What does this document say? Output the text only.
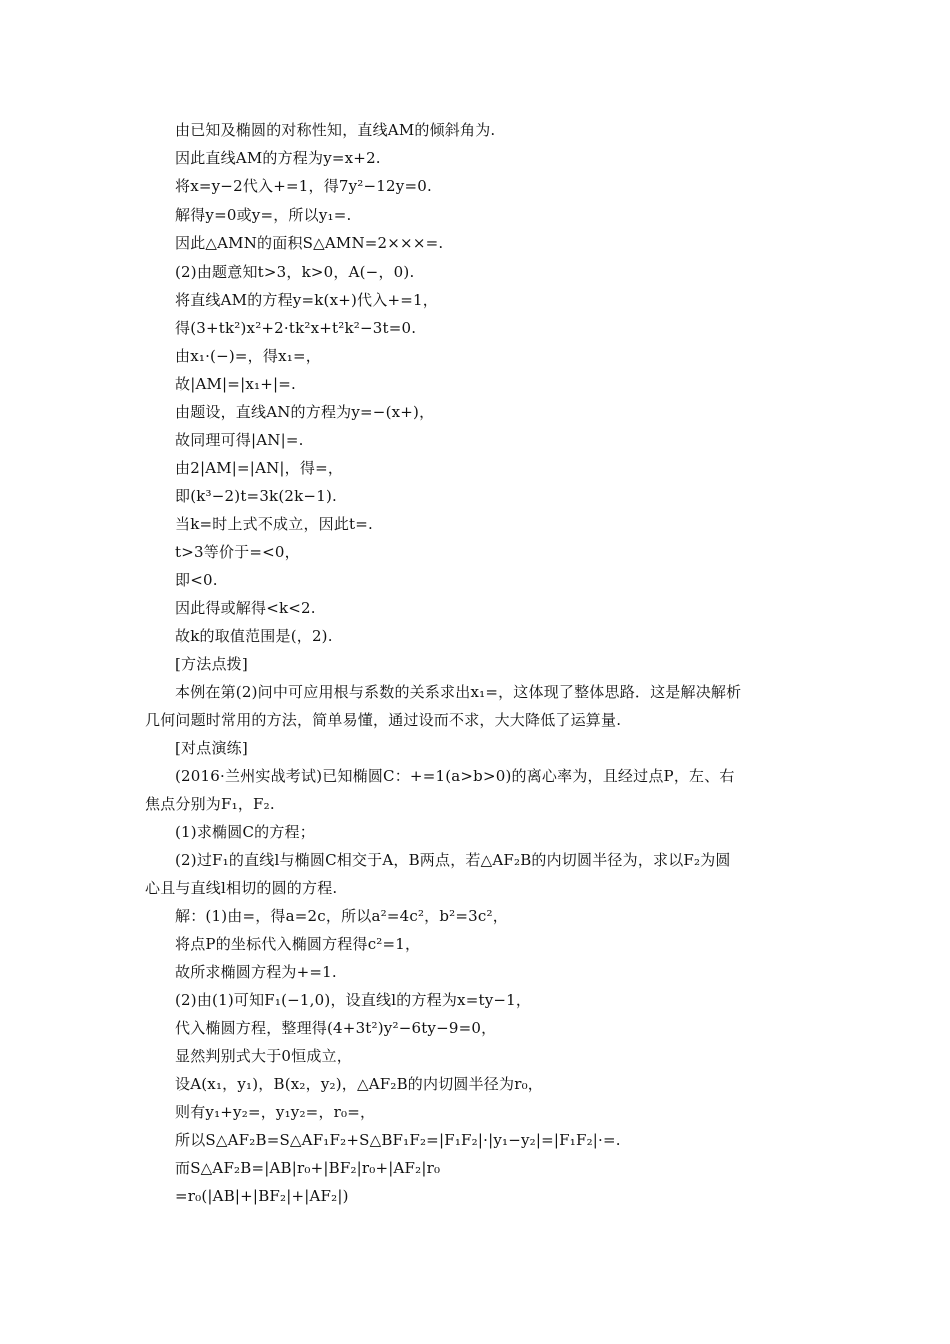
由已知及椭圆的对称性知，直线AM的倾斜角为.
因此直线AM的方程为y=x+2.
将x=y−2代入+=1，得7y²−12y=0.
解得y=0或y=，所以y₁=.
因此△AMN的面积S△AMN=2×××=.
(2)由题意知t>3，k>0，A(−，0).
将直线AM的方程y=k(x+)代入+=1，
得(3+tk²)x²+2·tk²x+t²k²−3t=0.
由x₁·(−)=，得x₁=，
故|AM|=|x₁+|=.
由题设，直线AN的方程为y=−(x+)，
故同理可得|AN|=.
由2|AM|=|AN|，得=，
即(k³−2)t=3k(2k−1).
当k=时上式不成立，因此t=.
t>3等价于=<0，
即<0.
因此得或解得<k<2.
故k的取值范围是(，2).
[方法点拨]
本例在第(2)问中可应用根与系数的关系求出x₁=，这体现了整体思路．这是解决解析
几何问题时常用的方法，简单易懂，通过设而不求，大大降低了运算量.
[对点演练]
(2016·兰州实战考试)已知椭圆C：+=1(a>b>0)的离心率为，且经过点P，左、右
焦点分别为F₁，F₂.
(1)求椭圆C的方程；
(2)过F₁的直线l与椭圆C相交于A，B两点，若△AF₂B的内切圆半径为，求以F₂为圆
心且与直线l相切的圆的方程.
解：(1)由=，得a=2c，所以a²=4c²，b²=3c²，
将点P的坐标代入椭圆方程得c²=1，
故所求椭圆方程为+=1.
(2)由(1)可知F₁(−1,0)，设直线l的方程为x=ty−1，
代入椭圆方程，整理得(4+3t²)y²−6ty−9=0，
显然判别式大于0恒成立，
设A(x₁，y₁)，B(x₂，y₂)，△AF₂B的内切圆半径为r₀，
则有y₁+y₂=，y₁y₂=，r₀=，
所以S△AF₂B=S△AF₁F₂+S△BF₁F₂=|F₁F₂|·|y₁−y₂|=|F₁F₂|·=.
而S△AF₂B=|AB|r₀+|BF₂|r₀+|AF₂|r₀
=r₀(|AB|+|BF₂|+|AF₂|)
